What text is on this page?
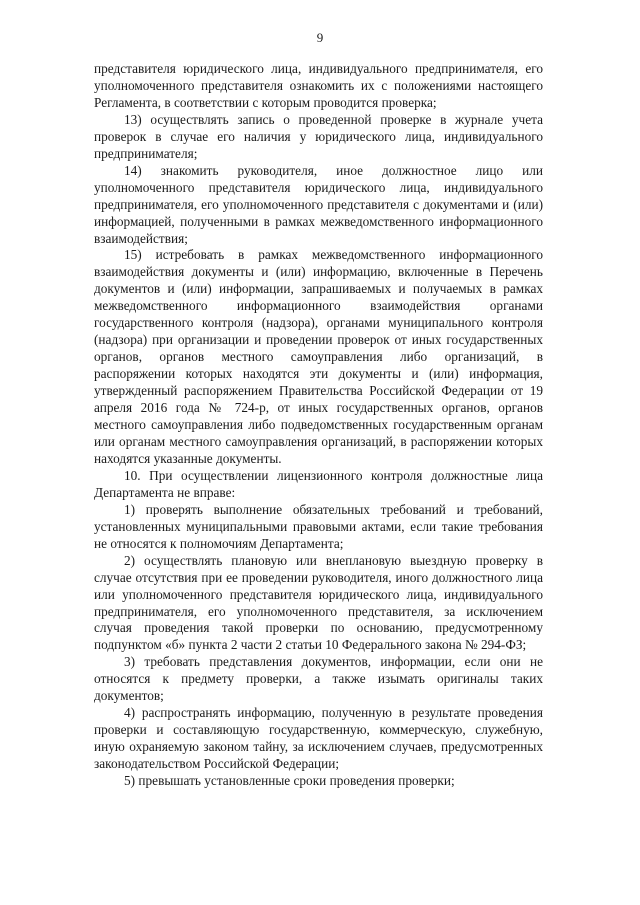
9

представителя юридического лица, индивидуального предпринимателя, его уполномоченного представителя ознакомить их с положениями настоящего Регламента, в соответствии с которым проводится проверка;

13) осуществлять запись о проведенной проверке в журнале учета проверок в случае его наличия у юридического лица, индивидуального предпринимателя;

14) знакомить руководителя, иное должностное лицо или уполномоченного представителя юридического лица, индивидуального предпринимателя, его уполномоченного представителя с документами и (или) информацией, полученными в рамках межведомственного информационного взаимодействия;

15) истребовать в рамках межведомственного информационного взаимодействия документы и (или) информацию, включенные в Перечень документов и (или) информации, запрашиваемых и получаемых в рамках межведомственного информационного взаимодействия органами государственного контроля (надзора), органами муниципального контроля (надзора) при организации и проведении проверок от иных государственных органов, органов местного самоуправления либо организаций, в распоряжении которых находятся эти документы и (или) информация, утвержденный распоряжением Правительства Российской Федерации от 19 апреля 2016 года № 724-р, от иных государственных органов, органов местного самоуправления либо подведомственных государственным органам или органам местного самоуправления организаций, в распоряжении которых находятся указанные документы.

10. При осуществлении лицензионного контроля должностные лица Департамента не вправе:

1) проверять выполнение обязательных требований и требований, установленных муниципальными правовыми актами, если такие требования не относятся к полномочиям Департамента;

2) осуществлять плановую или внеплановую выездную проверку в случае отсутствия при ее проведении руководителя, иного должностного лица или уполномоченного представителя юридического лица, индивидуального предпринимателя, его уполномоченного представителя, за исключением случая проведения такой проверки по основанию, предусмотренному подпунктом «б» пункта 2 части 2 статьи 10 Федерального закона № 294-ФЗ;

3) требовать представления документов, информации, если они не относятся к предмету проверки, а также изымать оригиналы таких документов;

4) распространять информацию, полученную в результате проведения проверки и составляющую государственную, коммерческую, служебную, иную охраняемую законом тайну, за исключением случаев, предусмотренных законодательством Российской Федерации;

5) превышать установленные сроки проведения проверки;
